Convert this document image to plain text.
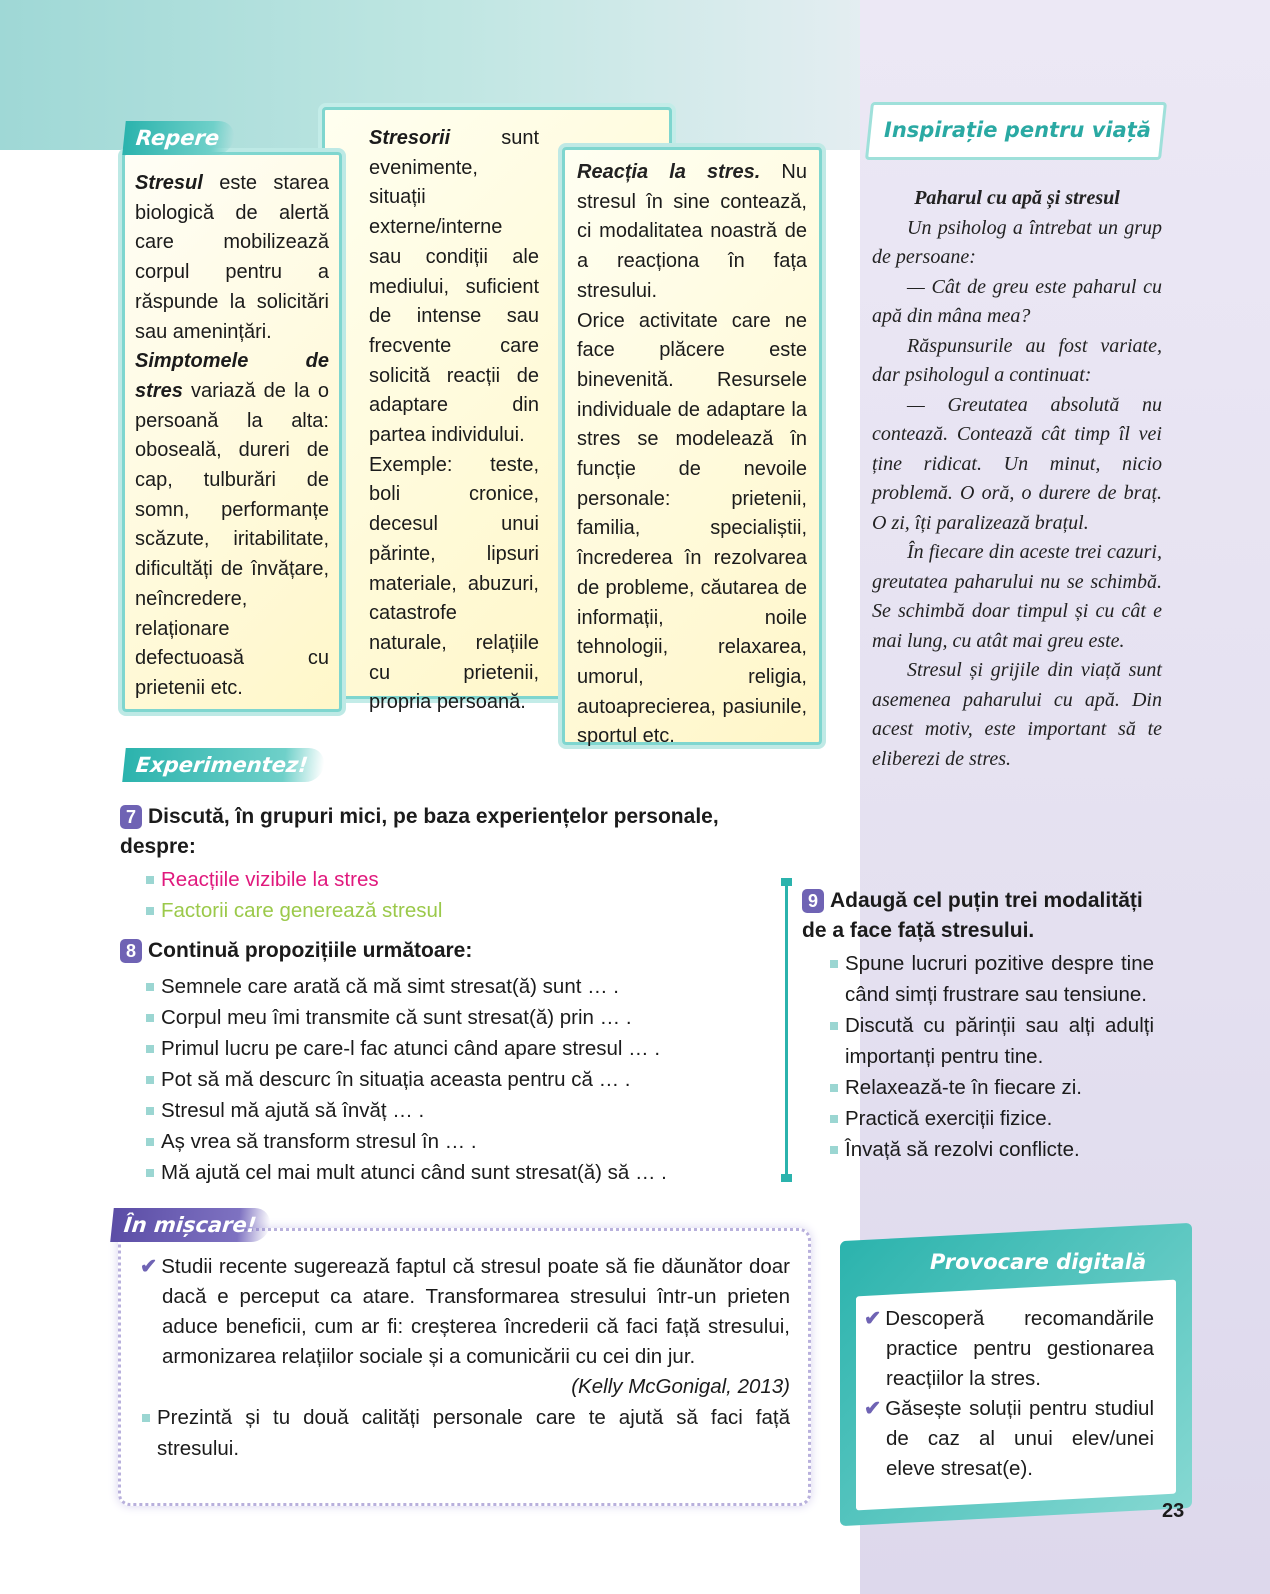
Stresorii sunt evenimente, situații externe/interne sau condiții ale mediului, suficient de intense sau frecvente care solicită reacții de adaptare din partea individului.
Exemple: teste, boli cronice, decesul unui părinte, lipsuri materiale, abuzuri, catastrofe naturale, relațiile cu prietenii, propria persoană.
Stresul este starea biologică de alertă care mobilizează corpul pentru a răspunde la solicitări sau amenințări.
Simptomele de stres variază de la o persoană la alta: oboseală, dureri de cap, tulburări de somn, performanțe scăzute, iritabilitate, dificultăți de învățare, neîncredere, relaționare defectuoasă cu prietenii etc.
Repere
Reacția la stres. Nu stresul în sine contează, ci modalitatea noastră de a reacționa în fața stresului.
Orice activitate care ne face plăcere este binevenită. Resursele individuale de adaptare la stres se modelează în funcție de nevoile personale: prietenii, familia, specialiștii, încrederea în rezolvarea de probleme, căutarea de informații, noile tehnologii, relaxarea, umorul, religia, autoaprecierea, pasiunile, sportul etc.
Inspirație pentru viață

Paharul cu apă și stresul

Un psiholog a întrebat un grup de persoane:

— Cât de greu este paharul cu apă din mâna mea?

Răspunsurile au fost variate, dar psihologul a continuat:

— Greutatea absolută nu contează. Contează cât timp îl vei ține ridicat. Un minut, nicio problemă. O oră, o durere de braț. O zi, îți paralizează brațul.

În fiecare din aceste trei cazuri, greutatea paharului nu se schimbă. Se schimbă doar timpul și cu cât e mai lung, cu atât mai greu este.

Stresul și grijile din viață sunt asemenea paharului cu apă. Din acest motiv, este important să te eliberezi de stres.

Experimentez!
7 Discută, în grupuri mici, pe baza experiențelor personale, despre:
Reacțiile vizibile la stres
Factorii care generează stresul
8 Continuă propozițiile următoare:
Semnele care arată că mă simt stresat(ă) sunt … .
Corpul meu îmi transmite că sunt stresat(ă) prin … .
Primul lucru pe care-l fac atunci când apare stresul … .
Pot să mă descurc în situația aceasta pentru că … .
Stresul mă ajută să învăț … .
Aș vrea să transform stresul în … .
Mă ajută cel mai mult atunci când sunt stresat(ă) să … .
9 Adaugă cel puțin trei modalități de a face față stresului.
Spune lucruri pozitive despre tine când simți frustrare sau tensiune.
Discută cu părinții sau alți adulți importanți pentru tine.
Relaxează-te în fiecare zi.
Practică exerciții fizice.
Învață să rezolvi conflicte.
În mișcare!
✔ Studii recente sugerează faptul că stresul poate să fie dăunător doar dacă e perceput ca atare. Transformarea stresului într-un prieten aduce beneficii, cum ar fi: creșterea încrederii că faci față stresului, armonizarea relațiilor sociale și a comunicării cu cei din jur.
(Kelly McGonigal, 2013)
Prezintă și tu două calități personale care te ajută să faci față stresului.
Provocare digitală
✔ Descoperă recomandările practice pentru gestionarea reacțiilor la stres.
✔ Găsește soluții pentru studiul de caz al unui elev/unei eleve stresat(e).
23
